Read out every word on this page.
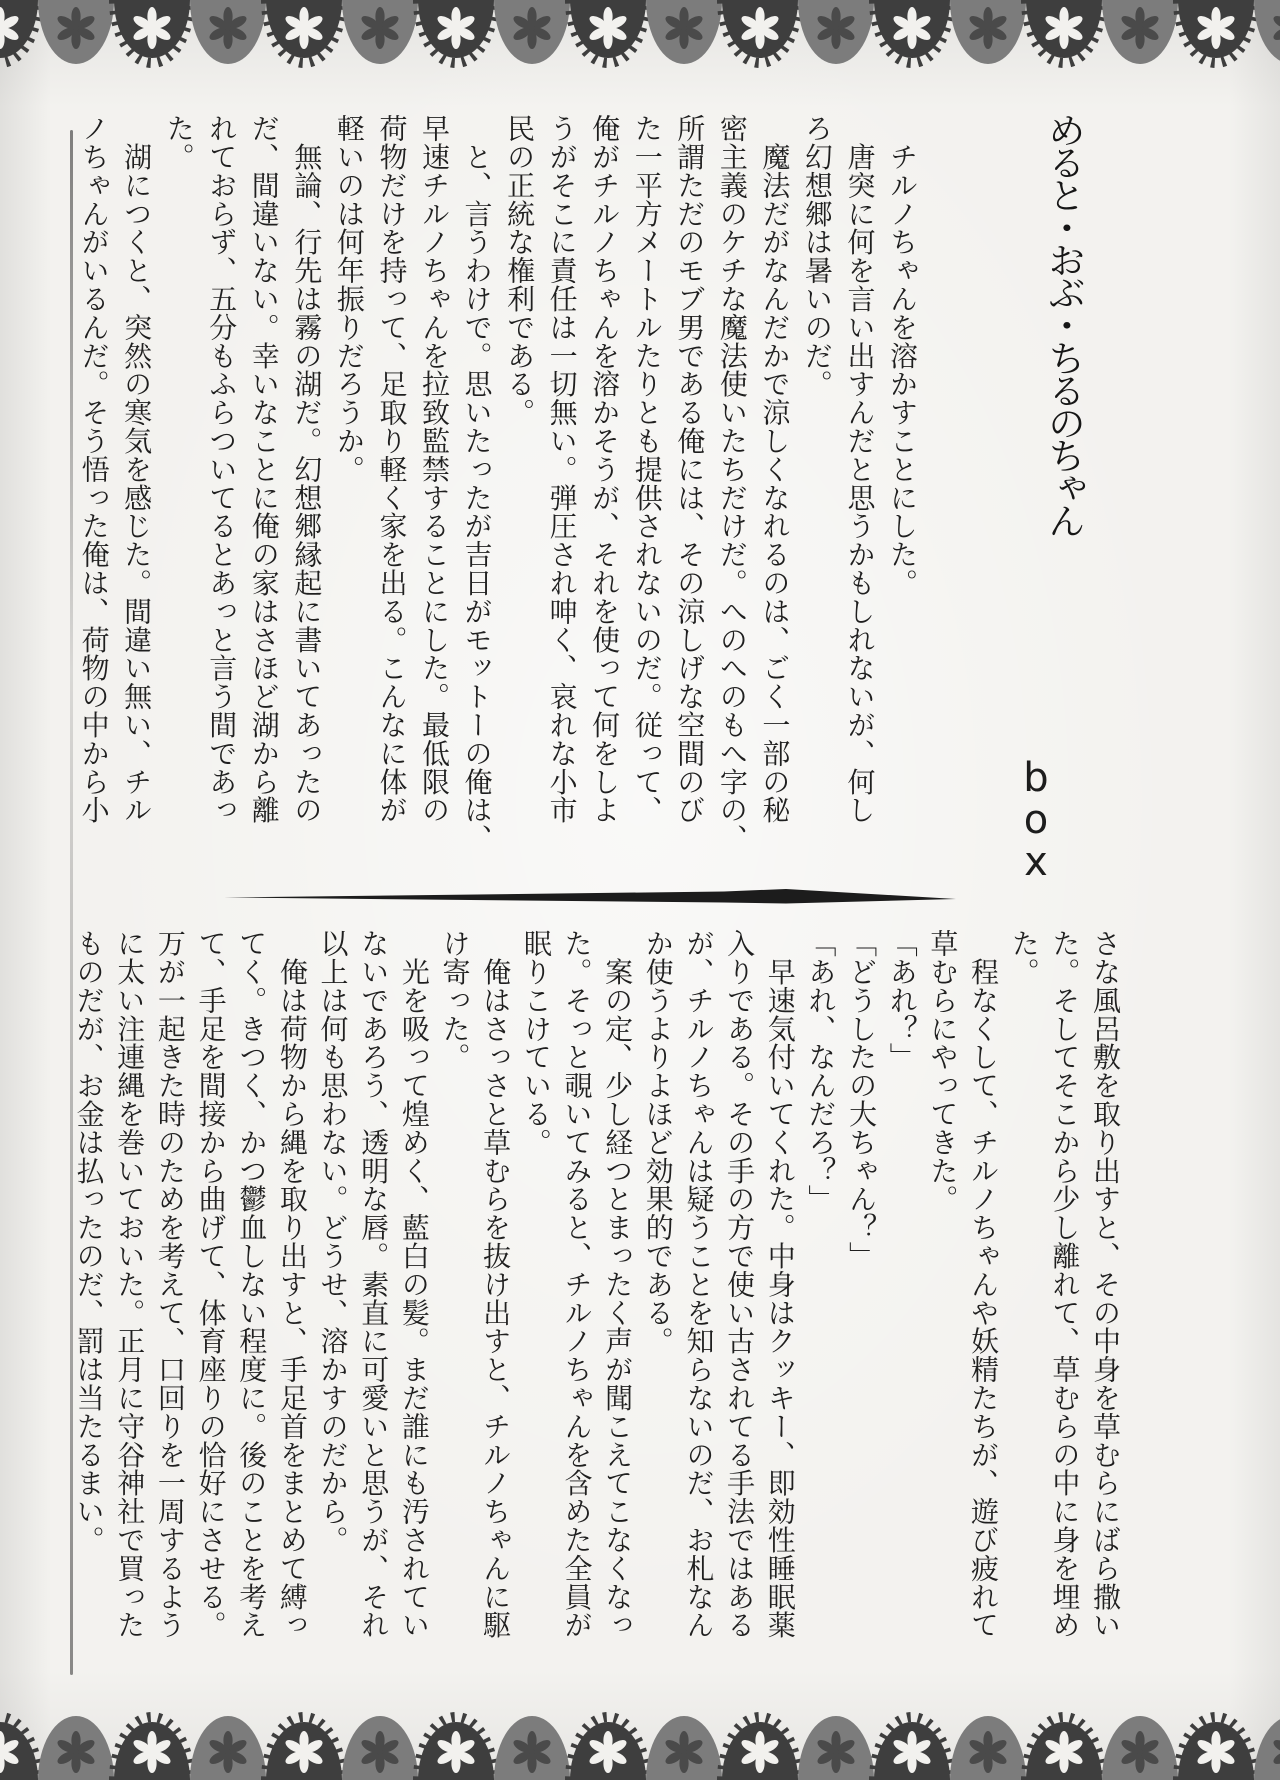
めると・おぶ・ちるのちゃん
box
　チルノちゃんを溶かすことにした。
　唐突に何を言い出すんだと思うかもしれないが、何し
ろ幻想郷は暑いのだ。
　魔法だがなんだかで涼しくなれるのは、ごく一部の秘
密主義のケチな魔法使いたちだけだ。へのへのもへ字の、
所謂ただのモブ男である俺には、その涼しげな空間のび
た一平方メートルたりとも提供されないのだ。従って、
俺がチルノちゃんを溶かそうが、それを使って何をしよ
うがそこに責任は一切無い。弾圧され呻く、哀れな小市
民の正統な権利である。
　と、言うわけで。思いたったが吉日がモットーの俺は、
早速チルノちゃんを拉致監禁することにした。最低限の
荷物だけを持って、足取り軽く家を出る。こんなに体が
軽いのは何年振りだろうか。
　無論、行先は霧の湖だ。幻想郷縁起に書いてあったの
だ、間違いない。幸いなことに俺の家はさほど湖から離
れておらず、五分もふらついてるとあっと言う間であっ
た。
　湖につくと、突然の寒気を感じた。間違い無い、チル
ノちゃんがいるんだ。そう悟った俺は、荷物の中から小
さな風呂敷を取り出すと、その中身を草むらにばら撒い
た。そしてそこから少し離れて、草むらの中に身を埋め
た。
　程なくして、チルノちゃんや妖精たちが、遊び疲れて
草むらにやってきた。
「あれ？」
「どうしたの大ちゃん？」
「あれ、なんだろ？」
　早速気付いてくれた。中身はクッキー、即効性睡眠薬
入りである。その手の方で使い古されてる手法ではある
が、チルノちゃんは疑うことを知らないのだ、お札なん
か使うよりよほど効果的である。
　案の定、少し経つとまったく声が聞こえてこなくなっ
た。そっと覗いてみると、チルノちゃんを含めた全員が
眠りこけている。
　俺はさっさと草むらを抜け出すと、チルノちゃんに駆
け寄った。
　光を吸って煌めく、藍白の髪。まだ誰にも汚されてい
ないであろう、透明な唇。素直に可愛いと思うが、それ
以上は何も思わない。どうせ、溶かすのだから。
　俺は荷物から縄を取り出すと、手足首をまとめて縛っ
てく。きつく、かつ鬱血しない程度に。後のことを考え
て、手足を間接から曲げて、体育座りの恰好にさせる。
万が一起きた時のためを考えて、口回りを一周するよう
に太い注連縄を巻いておいた。正月に守谷神社で買った
ものだが、お金は払ったのだ、罰は当たるまい。
